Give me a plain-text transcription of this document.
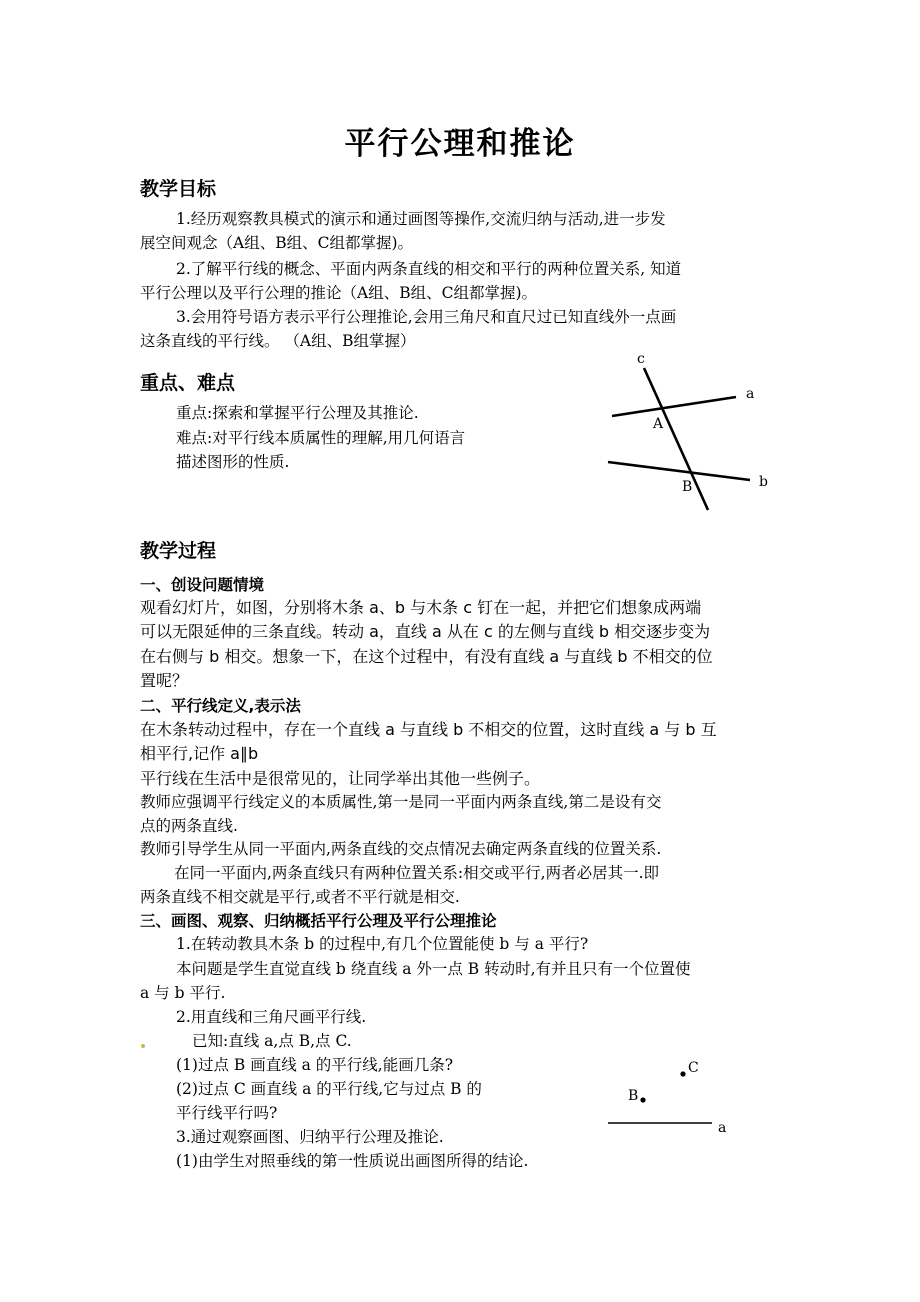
平行公理和推论
教学目标
1.经历观察教具模式的演示和通过画图等操作,交流归纳与活动,进一步发
展空间观念（A组、B组、C组都掌握)。
2.了解平行线的概念、平面内两条直线的相交和平行的两种位置关系, 知道
平行公理以及平行公理的推论（A组、B组、C组都掌握)。
3.会用符号语方表示平行公理推论,会用三角尺和直尺过已知直线外一点画
这条直线的平行线。 （A组、B组掌握）
重点、难点
重点:探索和掌握平行公理及其推论.
难点:对平行线本质属性的理解,用几何语言
描述图形的性质.
c
a
A
b
B
教学过程
一、创设问题情境
观看幻灯片，如图，分别将木条 a、b 与木条 c 钉在一起，并把它们想象成两端
可以无限延伸的三条直线。转动 a，直线 a 从在 c 的左侧与直线 b 相交逐步变为
在右侧与 b 相交。想象一下，在这个过程中，有没有直线 a 与直线 b 不相交的位
置呢？
二、平行线定义,表示法
在木条转动过程中，存在一个直线 a 与直线 b 不相交的位置，这时直线 a 与 b 互
相平行,记作 a∥b
平行线在生活中是很常见的，让同学举出其他一些例子。
教师应强调平行线定义的本质属性,第一是同一平面内两条直线,第二是设有交
点的两条直线.
教师引导学生从同一平面内,两条直线的交点情况去确定两条直线的位置关系.
在同一平面内,两条直线只有两种位置关系:相交或平行,两者必居其一.即
两条直线不相交就是平行,或者不平行就是相交.
三、画图、观察、归纳概括平行公理及平行公理推论
1.在转动教具木条 b 的过程中,有几个位置能使 b 与 a 平行?
本问题是学生直觉直线 b 绕直线 a 外一点 B 转动时,有并且只有一个位置使
a 与 b 平行.
2.用直线和三角尺画平行线.
已知:直线 a,点 B,点 C.
(1)过点 B 画直线 a 的平行线,能画几条?
(2)过点 C 画直线 a 的平行线,它与过点 B 的
平行线平行吗?
3.通过观察画图、归纳平行公理及推论.
(1)由学生对照垂线的第一性质说出画图所得的结论.
C
B
a
